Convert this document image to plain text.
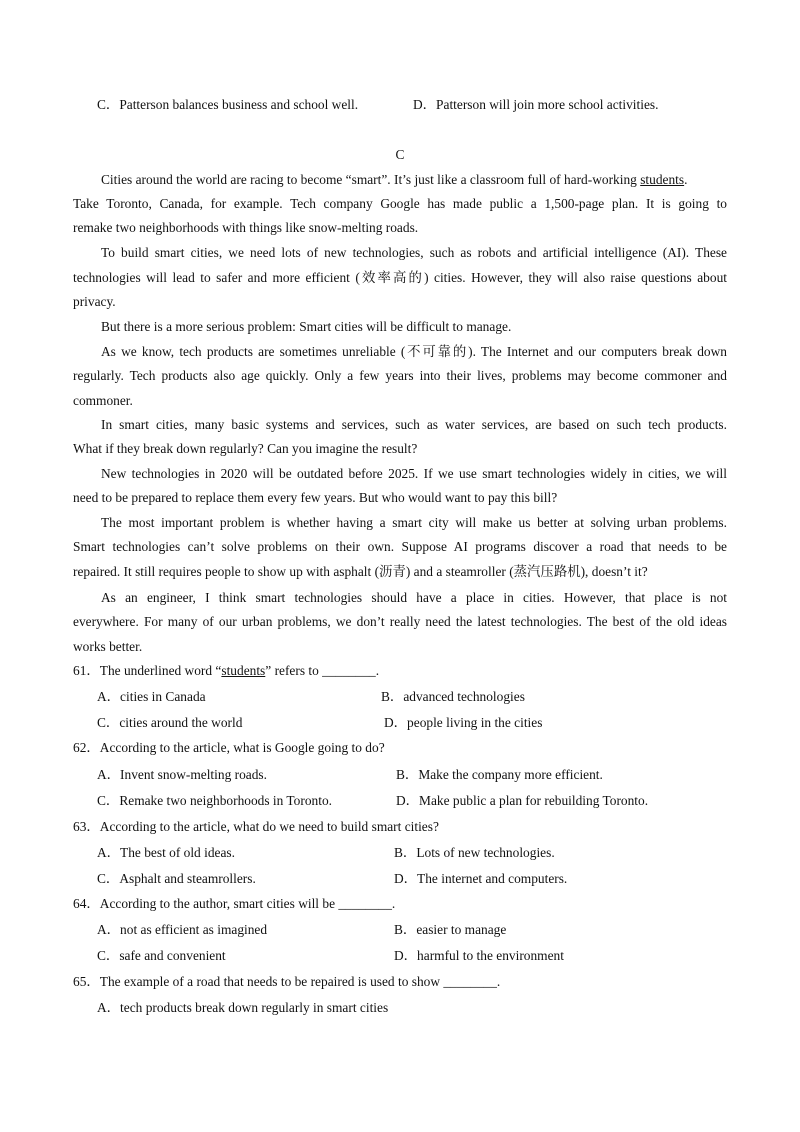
C．Patterson balances business and school well.	D．Patterson will join more school activities.
C
Cities around the world are racing to become “smart”. It’s just like a classroom full of hard-working students.
Take Toronto, Canada, for example. Tech company Google has made public a 1,500-page plan. It is going to
remake two neighborhoods with things like snow-melting roads.
To build smart cities, we need lots of new technologies, such as robots and artificial intelligence (AI). These
technologies will lead to safer and more efficient (效率高的) cities. However, they will also raise questions about
privacy.
But there is a more serious problem: Smart cities will be difficult to manage.
As we know, tech products are sometimes unreliable (不可靠的). The Internet and our computers break down
regularly. Tech products also age quickly. Only a few years into their lives, problems may become commoner and
commoner.
In smart cities, many basic systems and services, such as water services, are based on such tech products.
What if they break down regularly? Can you imagine the result?
New technologies in 2020 will be outdated before 2025. If we use smart technologies widely in cities, we will
need to be prepared to replace them every few years. But who would want to pay this bill?
The most important problem is whether having a smart city will make us better at solving urban problems.
Smart technologies can’t solve problems on their own. Suppose AI programs discover a road that needs to be
repaired. It still requires people to show up with asphalt (沥青) and a steamroller (蒸汽压路机), doesn’t it?
As an engineer, I think smart technologies should have a place in cities. However, that place is not
everywhere. For many of our urban problems, we don’t really need the latest technologies. The best of the old ideas
works better.
61．The underlined word “students” refers to ________.
A．cities in Canada	B．advanced technologies
C．cities around the world	D．people living in the cities
62．According to the article, what is Google going to do?
A．Invent snow-melting roads.	B．Make the company more efficient.
C．Remake two neighborhoods in Toronto.	D．Make public a plan for rebuilding Toronto.
63．According to the article, what do we need to build smart cities?
A．The best of old ideas.	B．Lots of new technologies.
C．Asphalt and steamrollers.	D．The internet and computers.
64．According to the author, smart cities will be ________.
A．not as efficient as imagined	B．easier to manage
C．safe and convenient	D．harmful to the environment
65．The example of a road that needs to be repaired is used to show ________.
A．tech products break down regularly in smart cities
